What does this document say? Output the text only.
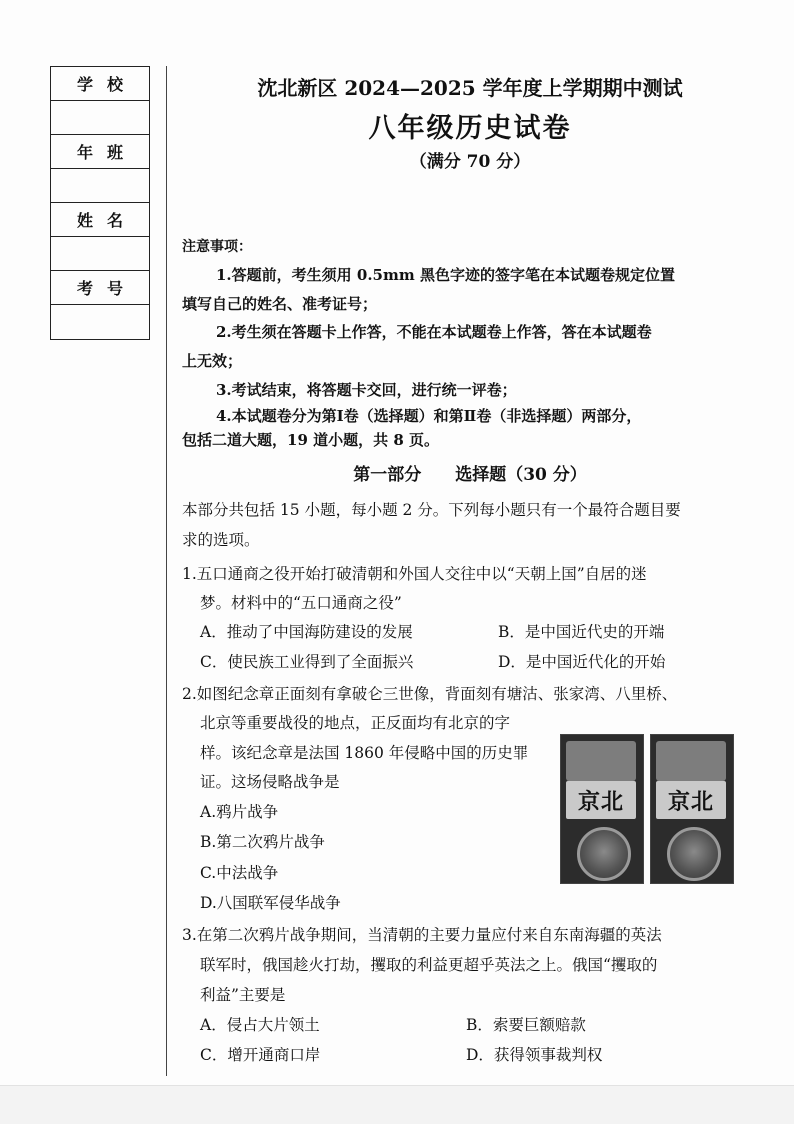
学校
年班
姓名
考号
沈北新区 2024—2025 学年度上学期期中测试
八年级历史试卷
（满分 70 分）
注意事项：
1.答题前，考生须用 0.5mm 黑色字迹的签字笔在本试题卷规定位置
填写自己的姓名、准考证号；
2.考生须在答题卡上作答，不能在本试题卷上作答，答在本试题卷
上无效；
3.考试结束，将答题卡交回，进行统一评卷；
4.本试题卷分为第Ⅰ卷（选择题）和第Ⅱ卷（非选择题）两部分，
包括二道大题，19 道小题，共 8 页。
第一部分　　选择题（30 分）
本部分共包括 15 小题，每小题 2 分。下列每小题只有一个最符合题目要
求的选项。
1.五口通商之役开始打破清朝和外国人交往中以“天朝上国”自居的迷
梦。材料中的“五口通商之役”
A．推动了中国海防建设的发展	B．是中国近代史的开端
C．使民族工业得到了全面振兴	D．是中国近代化的开始
2.如图纪念章正面刻有拿破仑三世像，背面刻有塘沽、张家湾、八里桥、
北京等重要战役的地点，正反面均有北京的字
样。该纪念章是法国 1860 年侵略中国的历史罪
证。这场侵略战争是
A.鸦片战争
B.第二次鸦片战争
C.中法战争
D.八国联军侵华战争
京北	京北
3.在第二次鸦片战争期间，当清朝的主要力量应付来自东南海疆的英法
联军时，俄国趁火打劫，攫取的利益更超乎英法之上。俄国“攫取的
利益”主要是
A．侵占大片领土	B．索要巨额赔款
C．增开通商口岸	D．获得领事裁判权
